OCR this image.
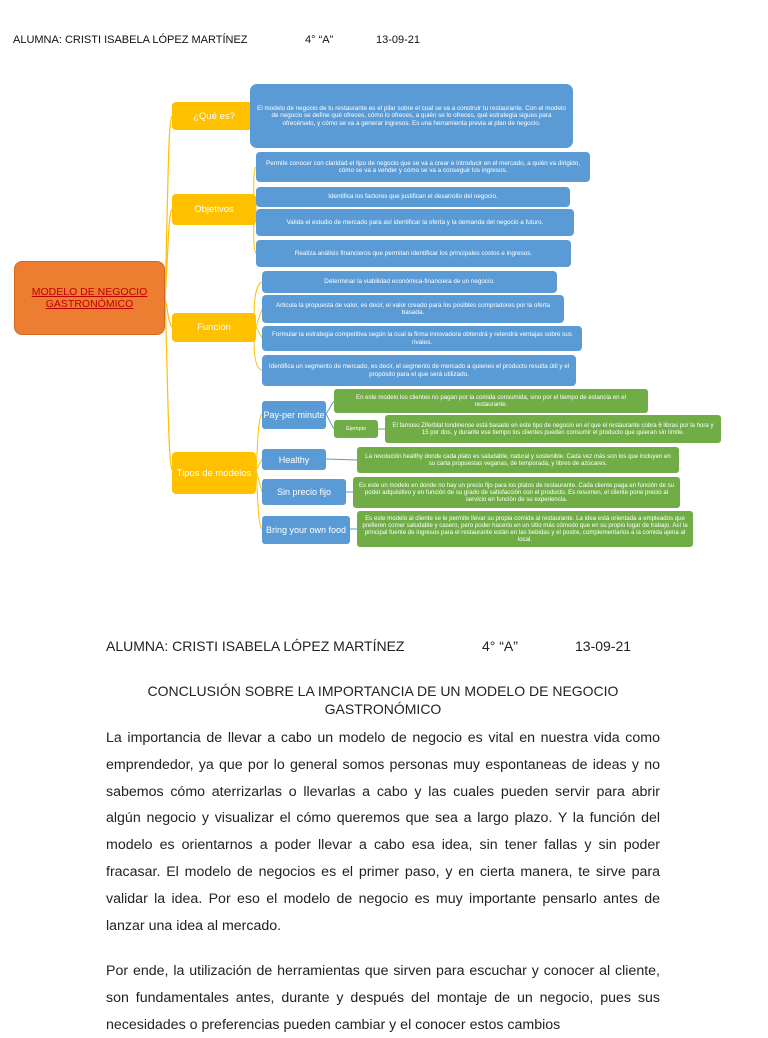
ALUMNA: CRISTI ISABELA LÓPEZ MARTÍNEZ	4° “A”	13-09-21
MODELO DE NEGOCIO GASTRONÓMICO
¿Qué es?
El modelo de negocio de tu restaurante es el pilar sobre el cual se va a construir tu restaurante. Con el modelo de negocio se define qué ofreces, cómo lo ofreces, a quién se lo ofreces, qué estrategia sigues para ofrecérselo, y cómo se va a generar ingresos. Es una herramienta previa al plan de negocio.
Objetivos
Permite conocer con claridad el tipo de negocio que se va a crear e introducir en el mercado, a quién va dirigido, cómo se va a vender y cómo se va a conseguir los ingresos.
Identifica los factores que justifican el desarrollo del negocio.
Valida el estudio de mercado para así identificar la oferta y la demanda del negocio a futuro.
Realiza análisis financieros que permitan identificar los principales costos e ingresos.
Función
Determinar la viabilidad económica-financiera de un negocio.
Articula la propuesta de valor, es decir, el valor creado para los posibles compradores por la oferta basada.
Formular la estrategia competitiva según la cual la firma innovadora obtendrá y retendrá ventajas sobre sus rivales.
Identifica un segmento de mercado, es decir, el segmento de mercado a quienes el producto resulta útil y el propósito para el que será utilizado.
Tipos de modelos
Pay-per minute
En este modelo los clientes no pagan por la comida consumida, sino por el tiempo de estancia en el restaurante.
Ejemplo	El famoso Ziferblat londinense está basado en este tipo de negocio en el que el restaurante cobra 6 libras por la hora y 15 por dos, y durante ese tiempo los clientes pueden consumir el producto que quieran sin límite.
Healthy	La revolución healthy donde cada plato es saludable, natural y sostenible. Cada vez más son los que incluyen en su carta propuestas veganas, de temporada, y libres de azúcares.
Sin precio fijo
Es este un modelo en donde no hay un precio fijo para los platos de restaurante. Cada cliente paga en función de su poder adquisitivo y en función de su grado de satisfacción con el producto. Es resumen, el cliente pone precio al servicio en función de su experiencia.
Bring your own food
Es este modelo al cliente se le permite llevar su propia comida al restaurante. La idea está orientada a empleados que prefieren comer saludable y casero, pero poder hacerlo en un sitio más cómodo que en su propio lugar de trabajo. Así la principal fuente de ingresos para el restaurante están en las bebidas y el postre, complementarios a la comida ajena al local.
ALUMNA: CRISTI ISABELA LÓPEZ MARTÍNEZ	4° “A”	13-09-21
CONCLUSIÓN SOBRE LA IMPORTANCIA DE UN MODELO DE NEGOCIO GASTRONÓMICO
La importancia de llevar a cabo un modelo de negocio es vital en nuestra vida como emprendedor, ya que por lo general somos personas muy espontaneas de ideas y no sabemos cómo aterrizarlas o llevarlas a cabo y las cuales pueden servir para abrir algún negocio y visualizar el cómo queremos que sea a largo plazo. Y la función del modelo es orientarnos a poder llevar a cabo esa idea, sin tener fallas y sin poder fracasar. El modelo de negocios es el primer paso, y en cierta manera, te sirve para validar la idea. Por eso el modelo de negocio es muy importante pensarlo antes de lanzar una idea al mercado.
Por ende, la utilización de herramientas que sirven para escuchar y conocer al cliente, son fundamentales antes, durante y después del montaje de un negocio, pues sus necesidades o preferencias pueden cambiar y el conocer estos cambios
